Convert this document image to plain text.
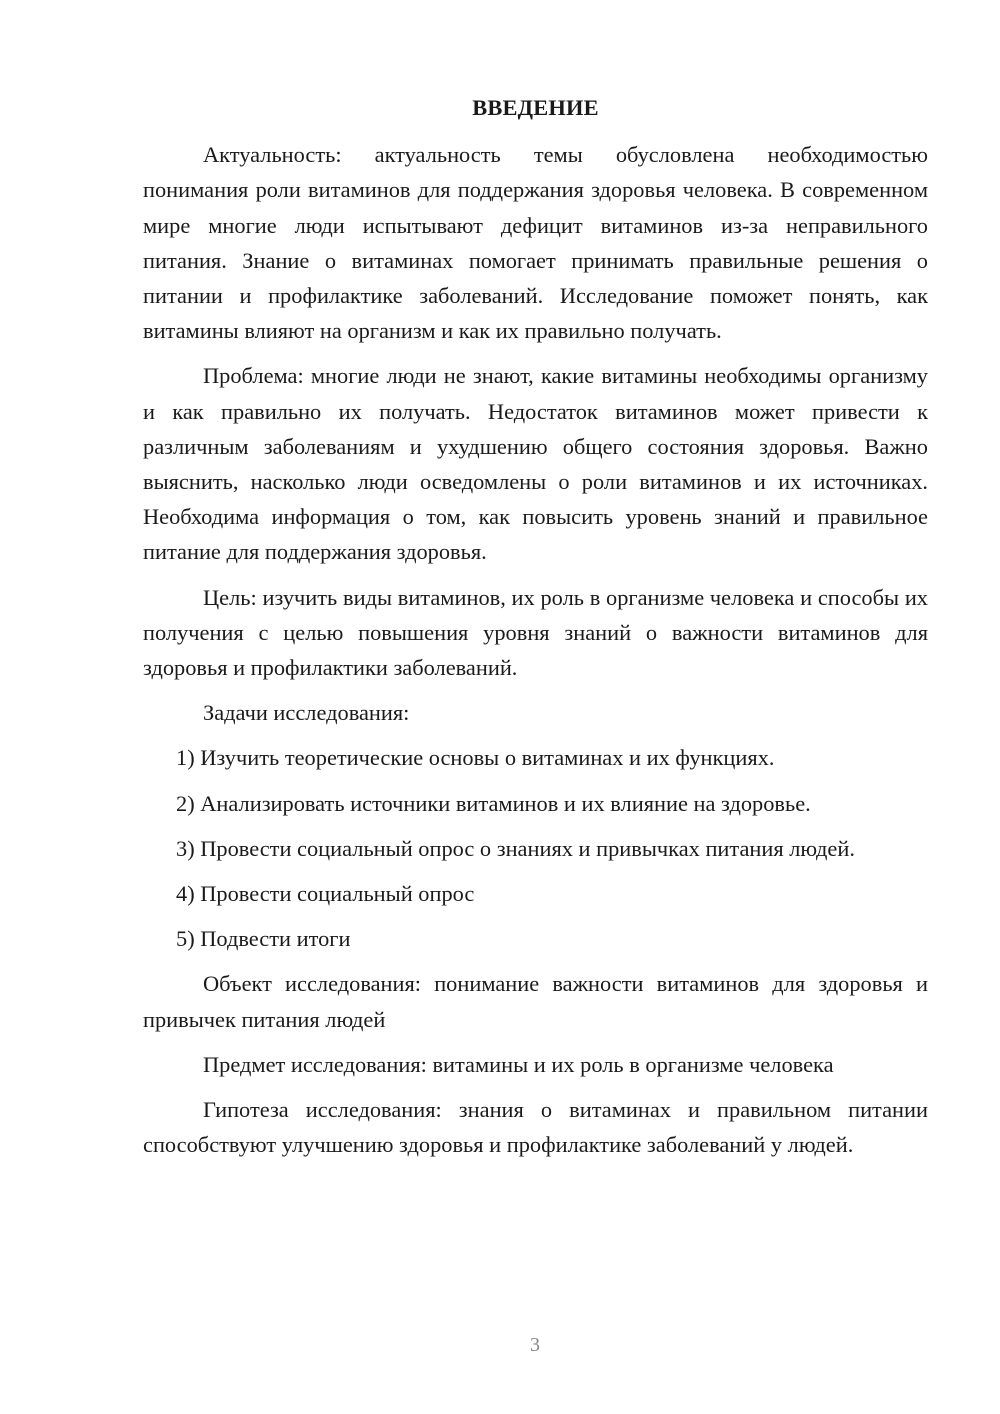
ВВЕДЕНИЕ

Актуальность: актуальность темы обусловлена необходимостью понимания роли витаминов для поддержания здоровья человека. В современном мире многие люди испытывают дефицит витаминов из-за неправильного питания. Знание о витаминах помогает принимать правильные решения о питании и профилактике заболеваний. Исследование поможет понять, как витамины влияют на организм и как их правильно получать.

Проблема: многие люди не знают, какие витамины необходимы организму и как правильно их получать. Недостаток витаминов может привести к различным заболеваниям и ухудшению общего состояния здоровья. Важно выяснить, насколько люди осведомлены о роли витаминов и их источниках. Необходима информация о том, как повысить уровень знаний и правильное питание для поддержания здоровья.

Цель: изучить виды витаминов, их роль в организме человека и способы их получения с целью повышения уровня знаний о важности витаминов для здоровья и профилактики заболеваний.

Задачи исследования:

1) Изучить теоретические основы о витаминах и их функциях.

2) Анализировать источники витаминов и их влияние на здоровье.

3) Провести социальный опрос о знаниях и привычках питания людей.

4) Провести социальный опрос

5) Подвести итоги

Объект исследования: понимание важности витаминов для здоровья и привычек питания людей

Предмет исследования: витамины и их роль в организме человека

Гипотеза исследования: знания о витаминах и правильном питании способствуют улучшению здоровья и профилактике заболеваний у людей.

3
